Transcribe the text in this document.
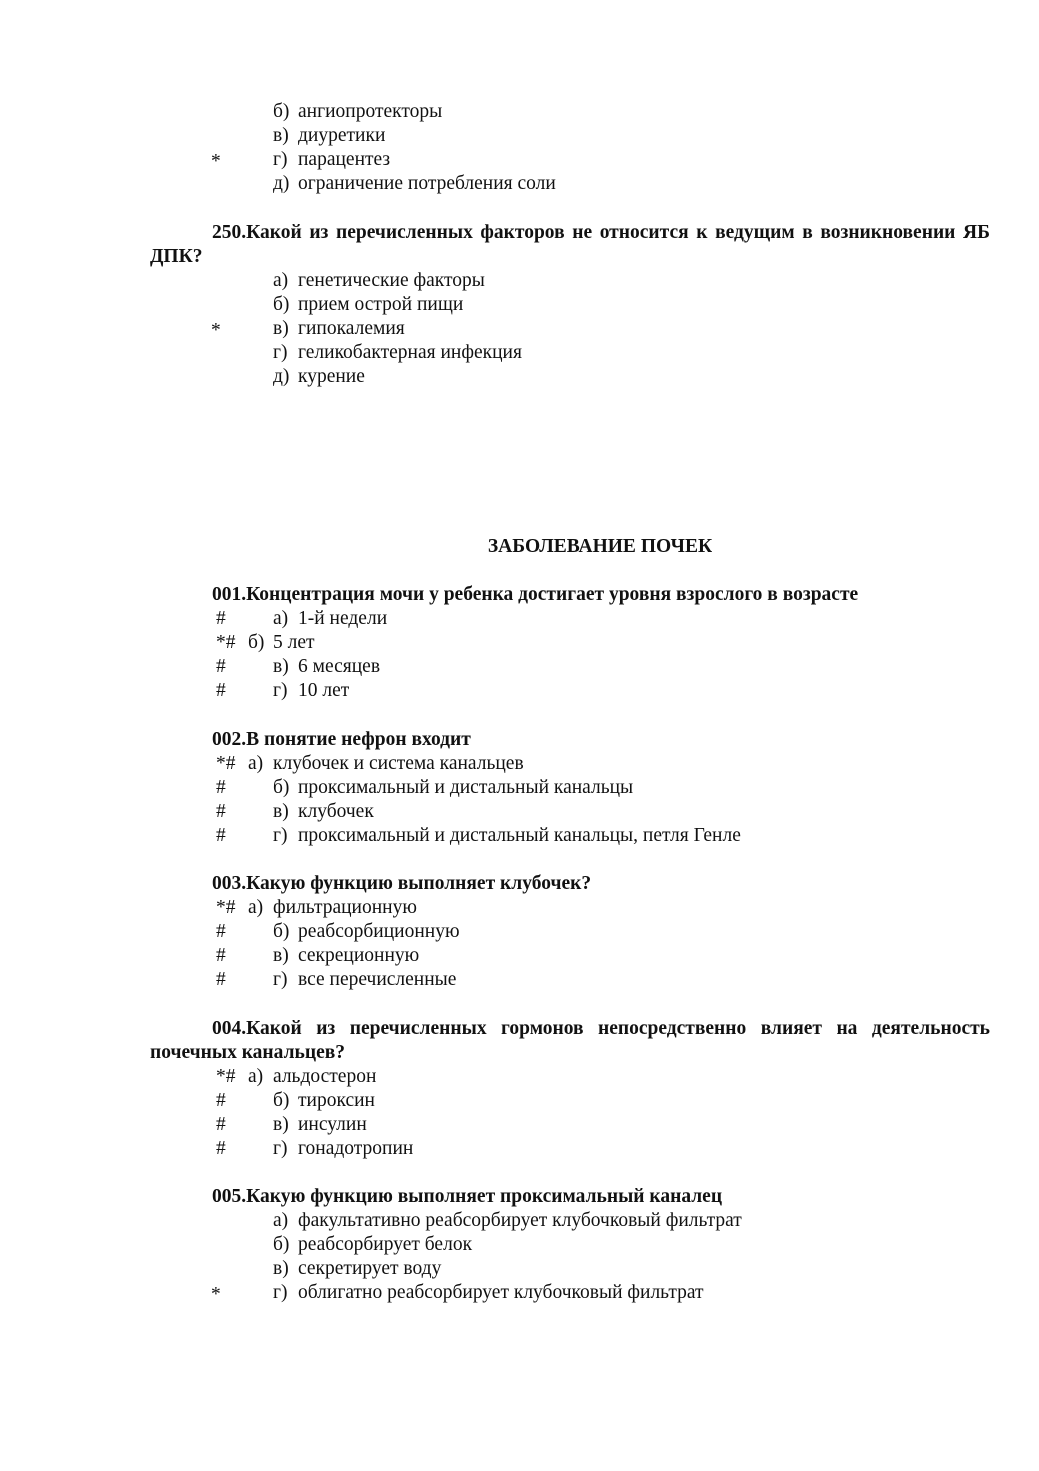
б) ангиопротекторы
в) диуретики
*	г) парацентез
д) ограничение потребления соли
250.Какой из перечисленных факторов не относится к ведущим в возникновении ЯБ ДПК?
а) генетические факторы
б) прием острой пищи
*	в) гипокалемия
г) геликобактерная инфекция
д) курение
ЗАБОЛЕВАНИЕ ПОЧЕК
001.Концентрация мочи у ребенка достигает уровня взрослого в возрасте
# а) 1-й недели
*# б) 5 лет
# в) 6 месяцев
# г) 10 лет
002.В понятие нефрон входит
*# а) клубочек и система канальцев
# б) проксимальный и дистальный канальцы
# в) клубочек
# г) проксимальный и дистальный канальцы, петля Генле
003.Какую функцию выполняет клубочек?
*# а) фильтрационную
# б) реабсорбиционную
# в) секреционную
# г) все перечисленные
004.Какой из перечисленных гормонов непосредственно влияет на деятельность почечных канальцев?
*# а) альдостерон
# б) тироксин
# в) инсулин
# г) гонадотропин
005.Какую функцию выполняет проксимальный каналец
а) факультативно реабсорбирует клубочковый фильтрат
б) реабсорбирует белок
в) секретирует воду
*	г) облигатно реабсорбирует клубочковый фильтрат
